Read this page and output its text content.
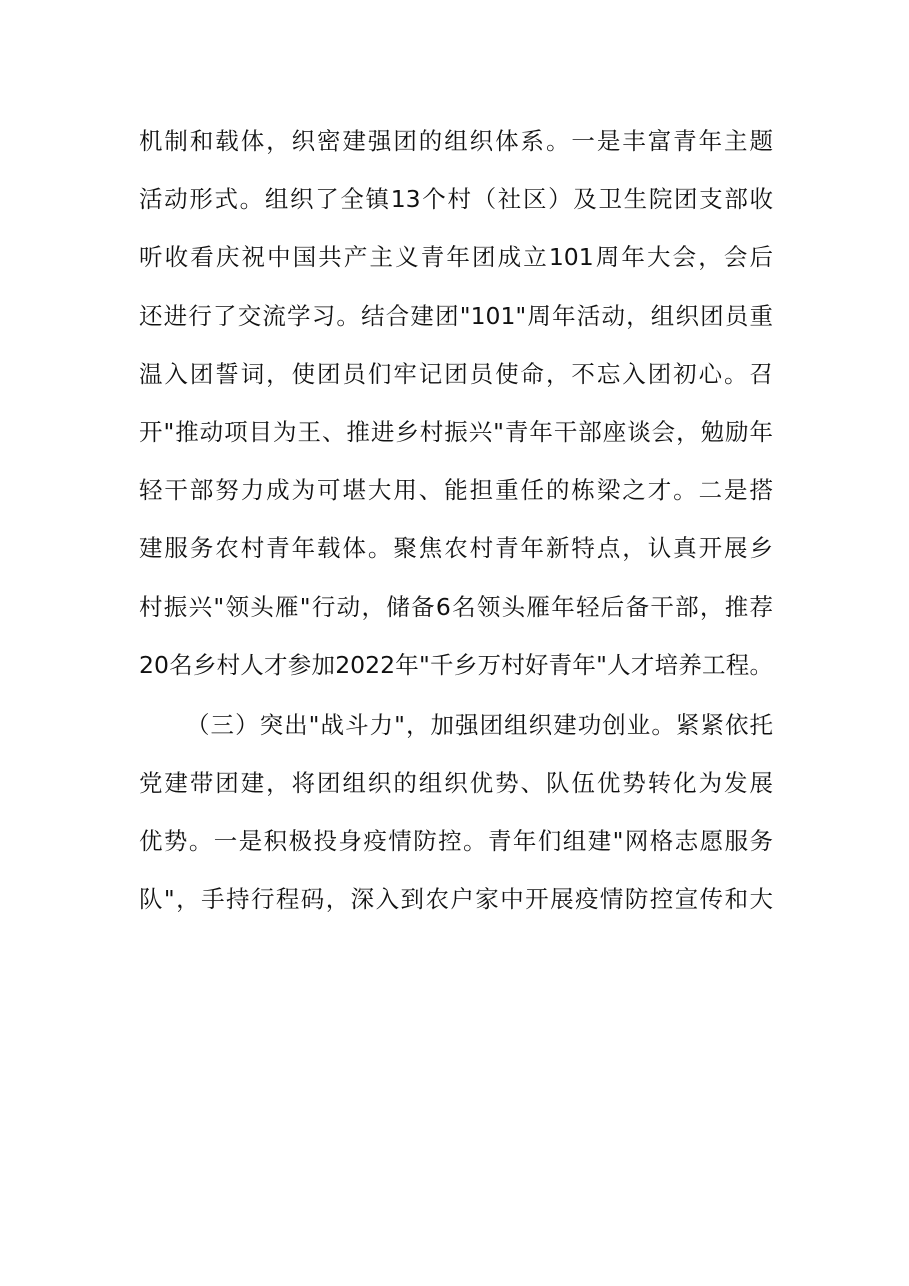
机制和载体，织密建强团的组织体系。一是丰富青年主题
活动形式。组织了全镇13个村（社区）及卫生院团支部收
听收看庆祝中国共产主义青年团成立101周年大会，会后
还进行了交流学习。结合建团"101"周年活动，组织团员重
温入团誓词，使团员们牢记团员使命，不忘入团初心。召
开"推动项目为王、推进乡村振兴"青年干部座谈会，勉励年
轻干部努力成为可堪大用、能担重任的栋梁之才。二是搭
建服务农村青年载体。聚焦农村青年新特点，认真开展乡
村振兴"领头雁"行动，储备6名领头雁年轻后备干部，推荐
20名乡村人才参加2022年"千乡万村好青年"人才培养工程。
（三）突出"战斗力"，加强团组织建功创业。紧紧依托
党建带团建，将团组织的组织优势、队伍优势转化为发展
优势。一是积极投身疫情防控。青年们组建"网格志愿服务
队"，手持行程码，深入到农户家中开展疫情防控宣传和大
